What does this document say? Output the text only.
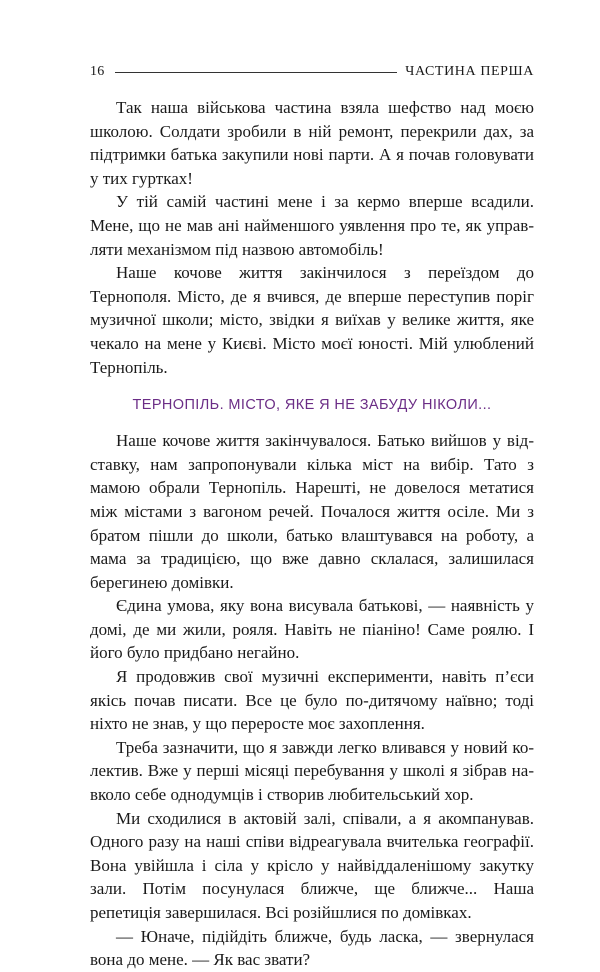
16	ЧАСТИНА ПЕРША

Так наша військова частина взяла шефство над моєю школою. Солдати зробили в ній ремонт, перекрили дах, за підтримки батька закупили нові парти. А я почав головувати у тих гуртках!

У тій самій частині мене і за кермо вперше всадили. Мене, що не мав ані найменшого уявлення про те, як управляти механізмом під назвою автомобіль!

Наше кочове життя закінчилося з переїздом до Тернополя. Місто, де я вчився, де вперше переступив поріг музичної школи; місто, звідки я виїхав у велике життя, яке чекало на мене у Києві. Місто моєї юності. Мій улюблений Тернопіль.

ТЕРНОПІЛЬ. МІСТО, ЯКЕ Я НЕ ЗАБУДУ НІКОЛИ...

Наше кочове життя закінчувалося. Батько вийшов у відставку, нам запропонували кілька міст на вибір. Тато з мамою обрали Тернопіль. Нарешті, не довелося метатися між містами з вагоном речей. Почалося життя осіле. Ми з братом пішли до школи, батько влаштувався на роботу, а мама за традицією, що вже давно склалася, залишилася берегинею домівки.

Єдина умова, яку вона висувала батькові, — наявність у домі, де ми жили, рояля. Навіть не піаніно! Саме роялю. І його було придбано негайно.

Я продовжив свої музичні експерименти, навіть п’єси якісь почав писати. Все це було по-дитячому наївно; тоді ніхто не знав, у що переросте моє захоплення.

Треба зазначити, що я завжди легко вливався у новий колектив. Вже у перші місяці перебування у школі я зібрав навколо себе однодумців і створив любительський хор.

Ми сходилися в актовій залі, співали, а я акомпанував. Одного разу на наші співи відреагувала вчителька географії. Вона увійшла і сіла у крісло у найвіддаленішому закутку зали. Потім посунулася ближче, ще ближче... Наша репетиція завершилася. Всі розійшлися по домівках.

— Юначе, підійдіть ближче, будь ласка, — звернулася вона до мене. — Як вас звати?
